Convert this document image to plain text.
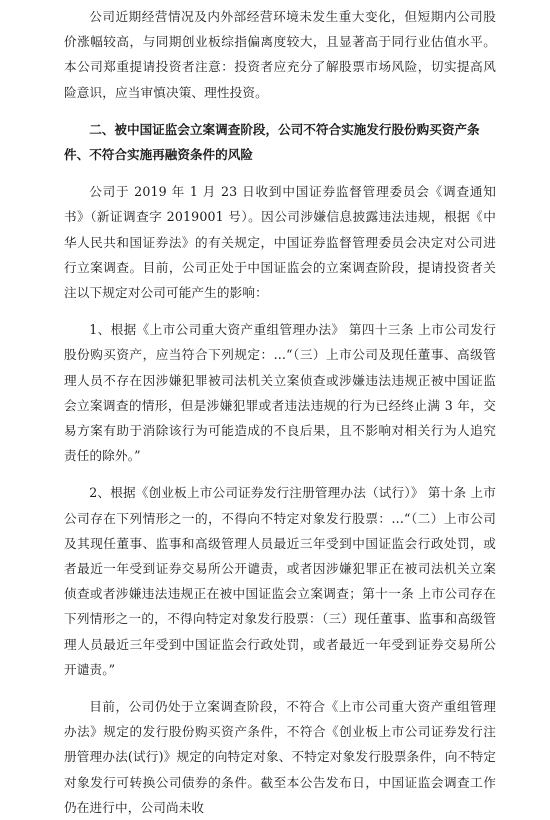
公司近期经营情况及内外部经营环境未发生重大变化，但短期内公司股价涨幅较高，与同期创业板综指偏离度较大，且显著高于同行业估值水平。本公司郑重提请投资者注意：投资者应充分了解股票市场风险，切实提高风险意识，应当审慎决策、理性投资。

二、被中国证监会立案调查阶段，公司不符合实施发行股份购买资产条件、不符合实施再融资条件的风险

公司于 2019 年 1 月 23 日收到中国证券监督管理委员会《调查通知书》（新证调查字 2019001 号）。因公司涉嫌信息披露违法违规，根据《中华人民共和国证券法》的有关规定，中国证券监督管理委员会决定对公司进行立案调查。目前，公司正处于中国证监会的立案调查阶段，提请投资者关注以下规定对公司可能产生的影响：

1、根据《上市公司重大资产重组管理办法》 第四十三条 上市公司发行股份购买资产，应当符合下列规定：...“（三）上市公司及现任董事、高级管理人员不存在因涉嫌犯罪被司法机关立案侦查或涉嫌违法违规正被中国证监会立案调查的情形，但是涉嫌犯罪或者违法违规的行为已经终止满 3 年，交易方案有助于消除该行为可能造成的不良后果，且不影响对相关行为人追究责任的除外。”

2、根据《创业板上市公司证券发行注册管理办法（试行）》 第十条 上市公司存在下列情形之一的，不得向不特定对象发行股票：...“（二）上市公司及其现任董事、监事和高级管理人员最近三年受到中国证监会行政处罚，或者最近一年受到证券交易所公开谴责，或者因涉嫌犯罪正在被司法机关立案侦查或者涉嫌违法违规正在被中国证监会立案调查；第十一条 上市公司存在下列情形之一的，不得向特定对象发行股票：（三）现任董事、监事和高级管理人员最近三年受到中国证监会行政处罚，或者最近一年受到证券交易所公开谴责。”

目前，公司仍处于立案调查阶段，不符合《上市公司重大资产重组管理办法》规定的发行股份购买资产条件，不符合《创业板上市公司证券发行注册管理办法(试行)》规定的向特定对象、不特定对象发行股票条件，向不特定对象发行可转换公司债券的条件。截至本公告发布日，中国证监会调查工作仍在进行中，公司尚未收
